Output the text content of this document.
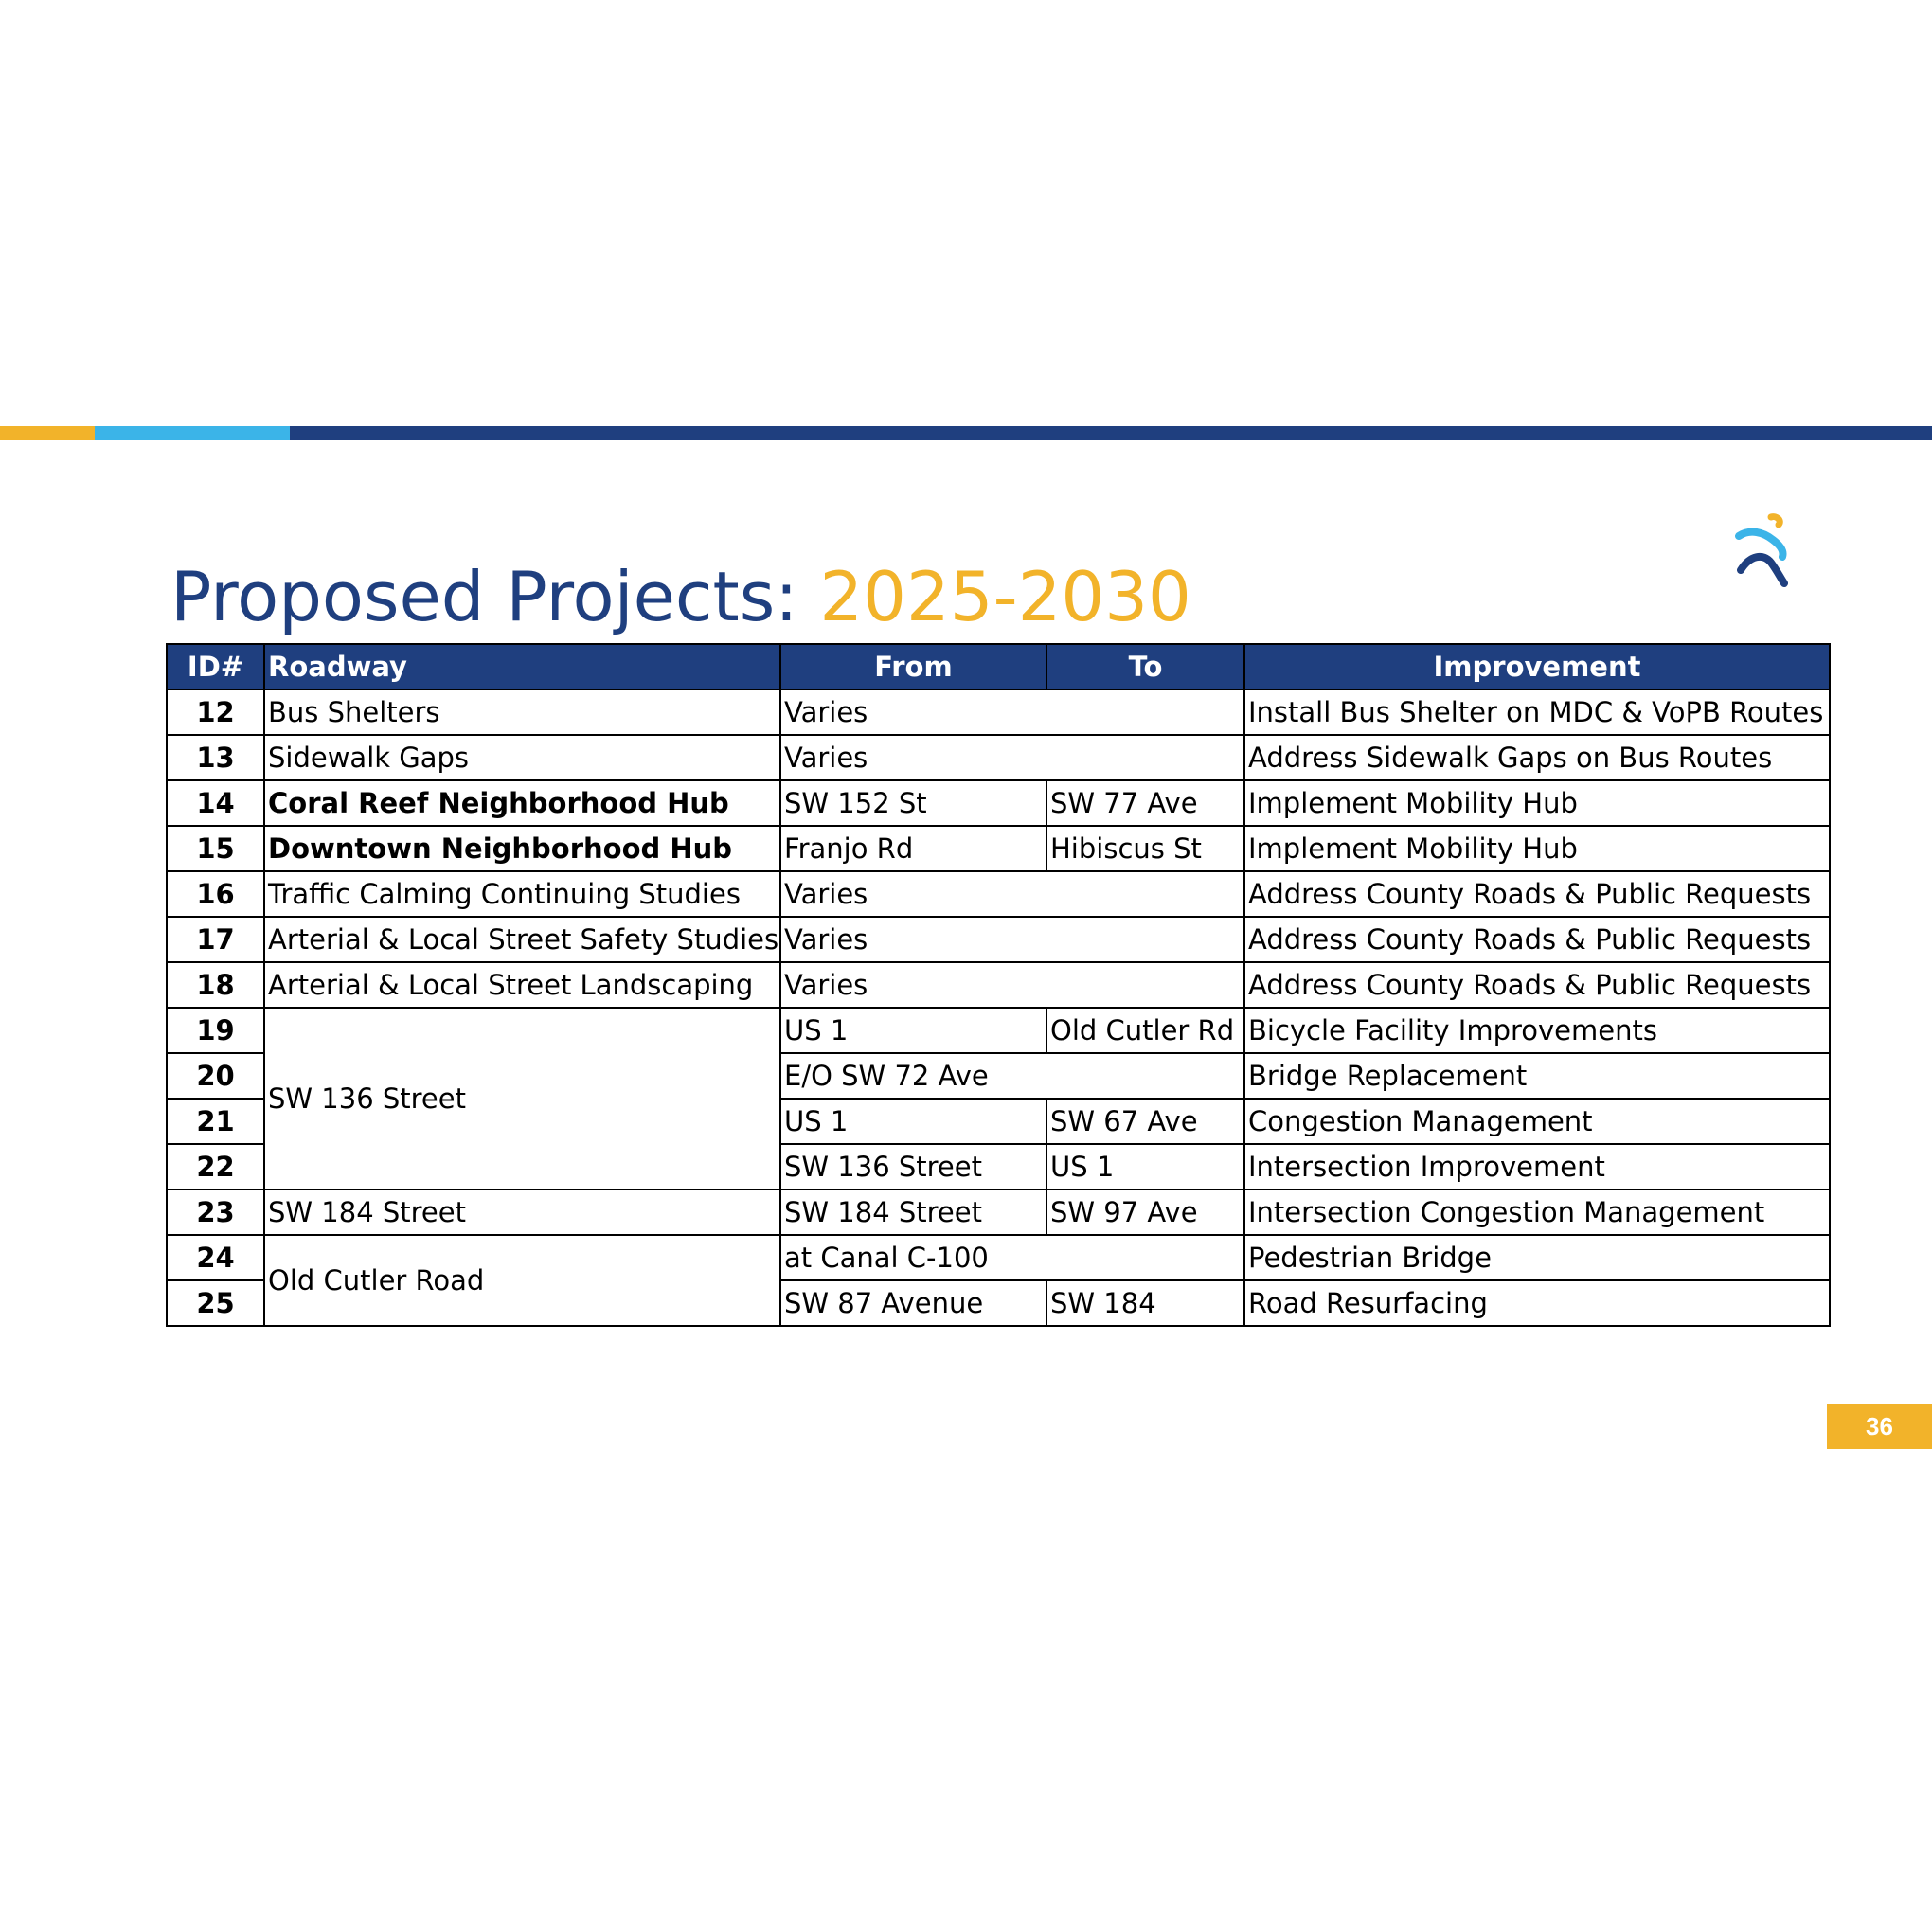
Proposed Projects: 2025-2030
ID#	Roadway	From	To	Improvement
12	Bus Shelters	Varies		Install Bus Shelter on MDC & VoPB Routes
13	Sidewalk Gaps	Varies		Address Sidewalk Gaps on Bus Routes
14	Coral Reef Neighborhood Hub	SW 152 St	SW 77 Ave	Implement Mobility Hub
15	Downtown Neighborhood Hub	Franjo Rd	Hibiscus St	Implement Mobility Hub
16	Traffic Calming Continuing Studies	Varies		Address County Roads & Public Requests
17	Arterial & Local Street Safety Studies	Varies		Address County Roads & Public Requests
18	Arterial & Local Street Landscaping	Varies		Address County Roads & Public Requests
19	SW 136 Street	US 1	Old Cutler Rd	Bicycle Facility Improvements
20		E/O SW 72 Ave		Bridge Replacement
21		US 1	SW 67 Ave	Congestion Management
22		SW 136 Street	US 1	Intersection Improvement
23	SW 184 Street	SW 184 Street	SW 97 Ave	Intersection Congestion Management
24	Old Cutler Road	at Canal C-100		Pedestrian Bridge
25		SW 87 Avenue	SW 184	Road Resurfacing
36
